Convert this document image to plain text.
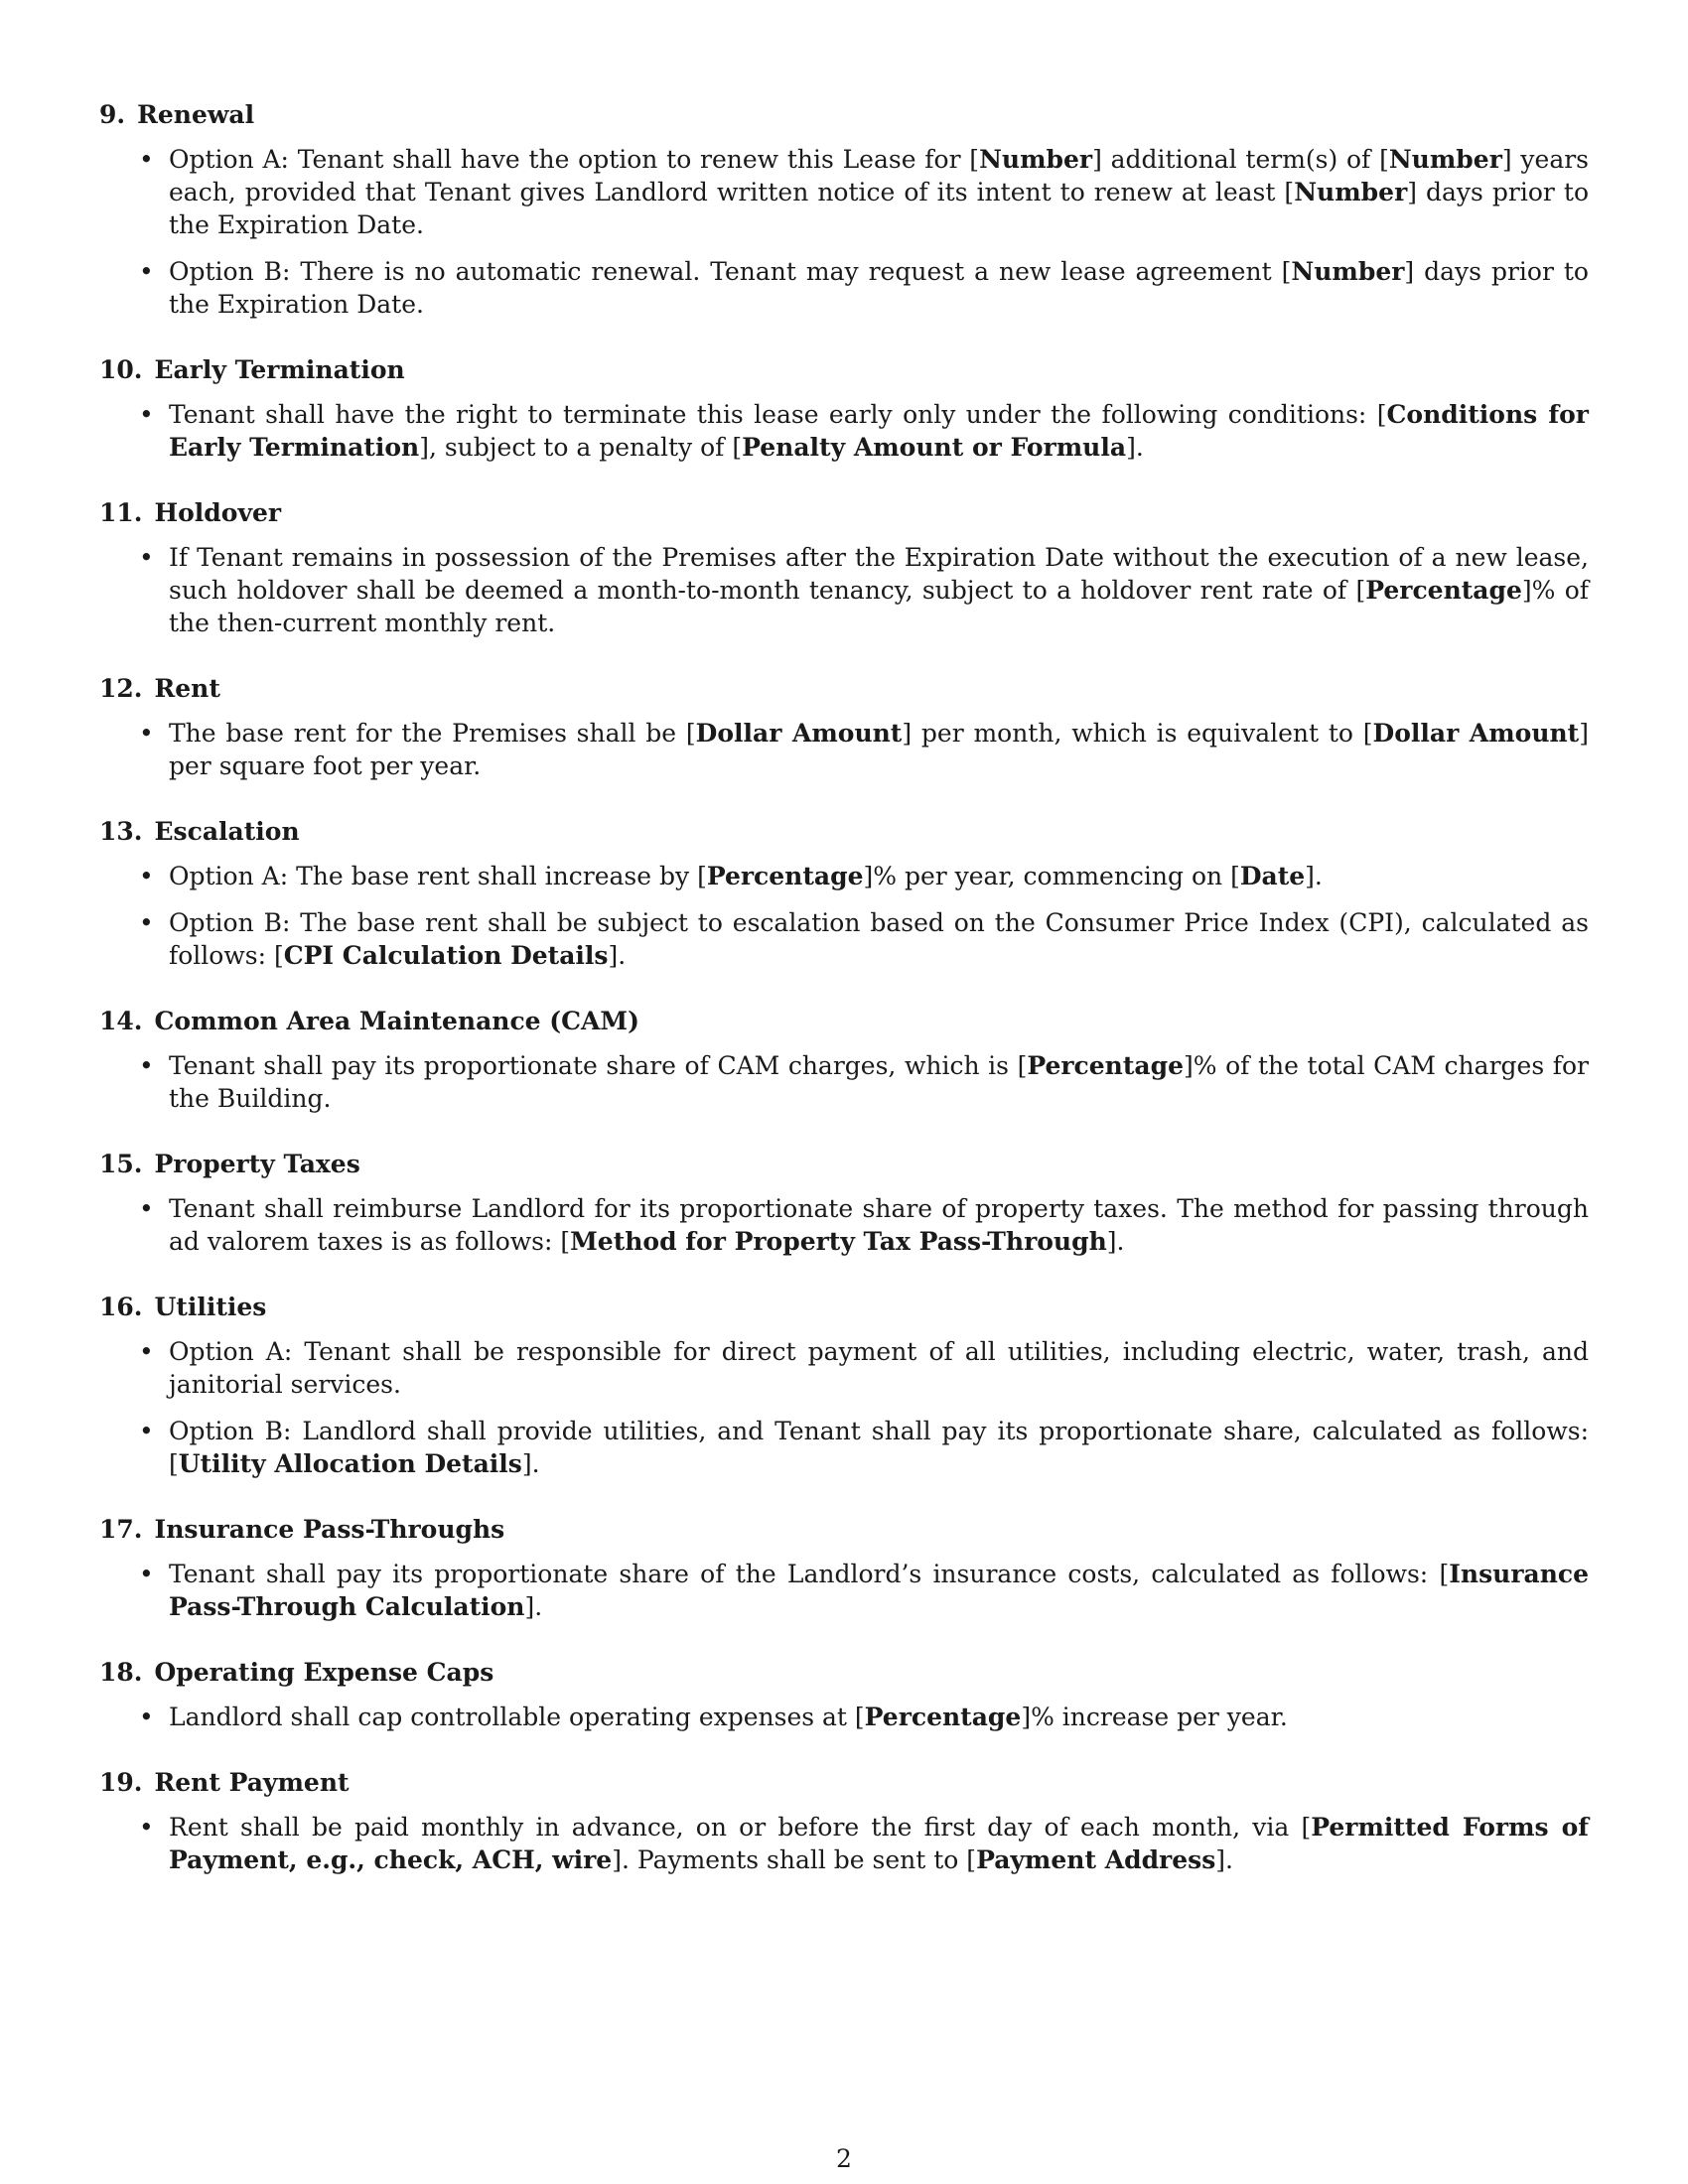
9. Renewal
• Option A: Tenant shall have the option to renew this Lease for [Number] additional term(s) of [Number] years each, provided that Tenant gives Landlord written notice of its intent to renew at least [Number] days prior to the Expiration Date.
• Option B: There is no automatic renewal. Tenant may request a new lease agreement [Number] days prior to the Expiration Date.
10. Early Termination
• Tenant shall have the right to terminate this lease early only under the following conditions: [Conditions for Early Termination], subject to a penalty of [Penalty Amount or Formula].
11. Holdover
• If Tenant remains in possession of the Premises after the Expiration Date without the execution of a new lease, such holdover shall be deemed a month-to-month tenancy, subject to a holdover rent rate of [Percentage]% of the then-current monthly rent.
12. Rent
• The base rent for the Premises shall be [Dollar Amount] per month, which is equivalent to [Dollar Amount] per square foot per year.
13. Escalation
• Option A: The base rent shall increase by [Percentage]% per year, commencing on [Date].
• Option B: The base rent shall be subject to escalation based on the Consumer Price Index (CPI), calculated as follows: [CPI Calculation Details].
14. Common Area Maintenance (CAM)
• Tenant shall pay its proportionate share of CAM charges, which is [Percentage]% of the total CAM charges for the Building.
15. Property Taxes
• Tenant shall reimburse Landlord for its proportionate share of property taxes. The method for passing through ad valorem taxes is as follows: [Method for Property Tax Pass-Through].
16. Utilities
• Option A: Tenant shall be responsible for direct payment of all utilities, including electric, water, trash, and janitorial services.
• Option B: Landlord shall provide utilities, and Tenant shall pay its proportionate share, calculated as follows: [Utility Allocation Details].
17. Insurance Pass-Throughs
• Tenant shall pay its proportionate share of the Landlord’s insurance costs, calculated as follows: [Insurance Pass-Through Calculation].
18. Operating Expense Caps
• Landlord shall cap controllable operating expenses at [Percentage]% increase per year.
19. Rent Payment
• Rent shall be paid monthly in advance, on or before the first day of each month, via [Permitted Forms of Payment, e.g., check, ACH, wire]. Payments shall be sent to [Payment Address].
2
